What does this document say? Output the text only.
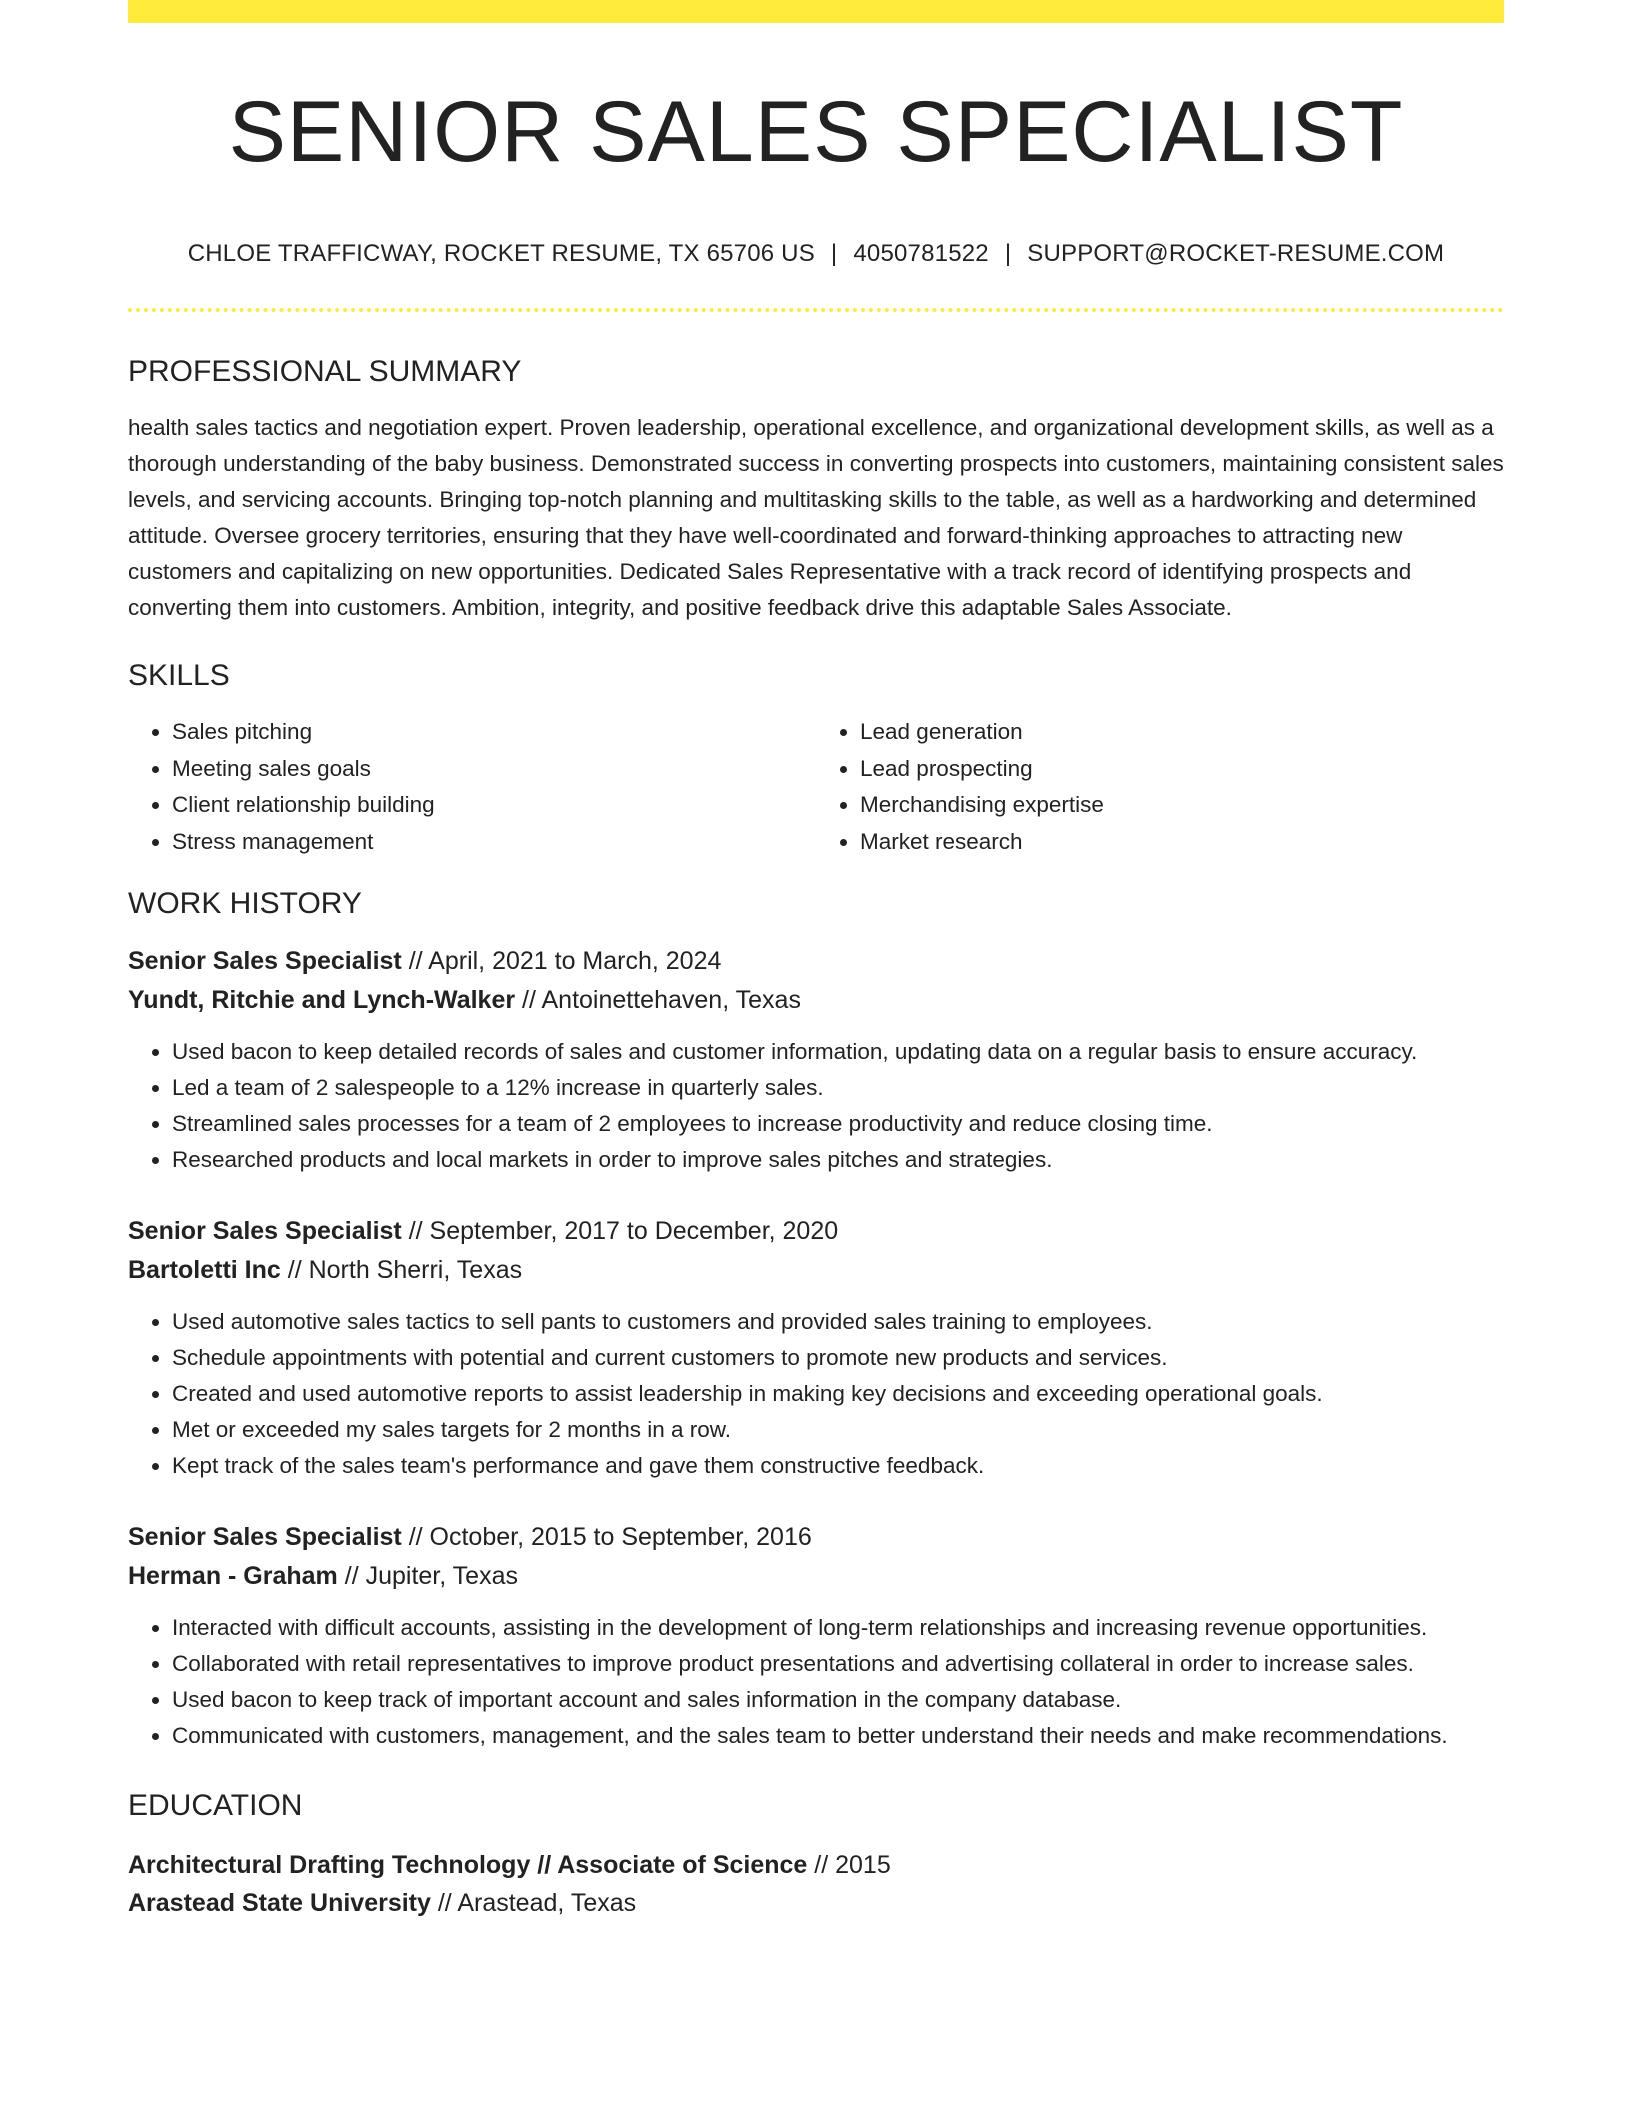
SENIOR SALES SPECIALIST
CHLOE TRAFFICWAY, ROCKET RESUME, TX 65706 US | 4050781522 | SUPPORT@ROCKET-RESUME.COM
PROFESSIONAL SUMMARY

health sales tactics and negotiation expert. Proven leadership, operational excellence, and organizational development skills, as well as a thorough understanding of the baby business. Demonstrated success in converting prospects into customers, maintaining consistent sales levels, and servicing accounts. Bringing top-notch planning and multitasking skills to the table, as well as a hardworking and determined attitude. Oversee grocery territories, ensuring that they have well-coordinated and forward-thinking approaches to attracting new customers and capitalizing on new opportunities. Dedicated Sales Representative with a track record of identifying prospects and converting them into customers. Ambition, integrity, and positive feedback drive this adaptable Sales Associate.

SKILLS
• Sales pitching
• Meeting sales goals
• Client relationship building
• Stress management
• Lead generation
• Lead prospecting
• Merchandising expertise
• Market research
WORK HISTORY
Senior Sales Specialist // April, 2021 to March, 2024
Yundt, Ritchie and Lynch-Walker // Antoinettehaven, Texas
• Used bacon to keep detailed records of sales and customer information, updating data on a regular basis to ensure accuracy.
• Led a team of 2 salespeople to a 12% increase in quarterly sales.
• Streamlined sales processes for a team of 2 employees to increase productivity and reduce closing time.
• Researched products and local markets in order to improve sales pitches and strategies.
Senior Sales Specialist // September, 2017 to December, 2020
Bartoletti Inc // North Sherri, Texas
• Used automotive sales tactics to sell pants to customers and provided sales training to employees.
• Schedule appointments with potential and current customers to promote new products and services.
• Created and used automotive reports to assist leadership in making key decisions and exceeding operational goals.
• Met or exceeded my sales targets for 2 months in a row.
• Kept track of the sales team's performance and gave them constructive feedback.
Senior Sales Specialist // October, 2015 to September, 2016
Herman - Graham // Jupiter, Texas
• Interacted with difficult accounts, assisting in the development of long-term relationships and increasing revenue opportunities.
• Collaborated with retail representatives to improve product presentations and advertising collateral in order to increase sales.
• Used bacon to keep track of important account and sales information in the company database.
• Communicated with customers, management, and the sales team to better understand their needs and make recommendations.
EDUCATION
Architectural Drafting Technology // Associate of Science // 2015
Arastead State University // Arastead, Texas
